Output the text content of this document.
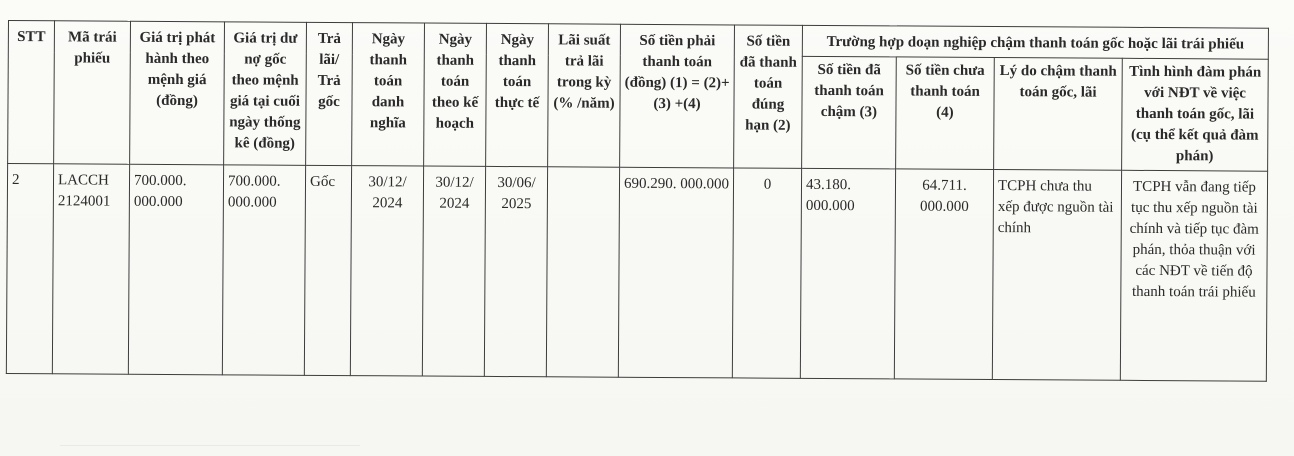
STT	Mã trái phiếu	Giá trị phát hành theo mệnh giá (đồng)	Giá trị dư nợ gốc theo mệnh giá tại cuối ngày thống kê (đồng)	Trả lãi/ Trả gốc	Ngày thanh toán danh nghĩa	Ngày thanh toán theo kế hoạch	Ngày thanh toán thực tế	Lãi suất trả lãi trong kỳ (% /năm)	Số tiền phải thanh toán (đồng) (1) = (2)+(3) +(4)	Số tiền đã thanh toán đúng hạn (2)	Trường hợp doạn nghiệp chậm thanh toán gốc hoặc lãi trái phiếu			
											Số tiền đã thanh toán chậm (3)	Số tiền chưa thanh toán (4)	Lý do chậm thanh toán gốc, lãi	Tình hình đàm phán với NĐT về việc thanh toán gốc, lãi (cụ thể kết quả đàm phán)
2	LACCH 2124001	700.000. 000.000	700.000. 000.000	Gốc	30/12/ 2024	30/12/ 2024	30/06/ 2025		690.290. 000.000	0	43.180. 000.000	64.711. 000.000	TCPH chưa thu xếp được nguồn tài chính	TCPH vẫn đang tiếp tục thu xếp nguồn tài chính và tiếp tục đàm phán, thỏa thuận với các NĐT về tiến độ thanh toán trái phiếu
